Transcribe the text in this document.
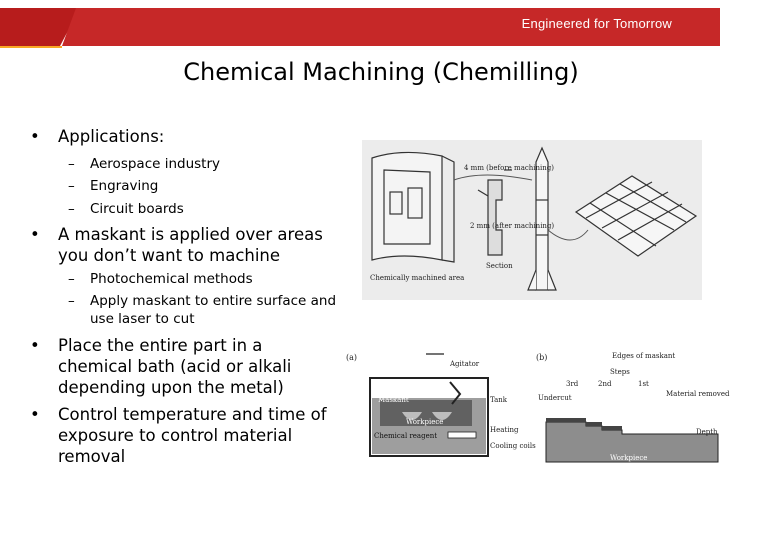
Engineered for Tomorrow
Chemical Machining (Chemilling)
• Applications:
– Aerospace industry
– Engraving
– Circuit boards
• A maskant is applied over areas you don’t want to machine
– Photochemical methods
– Apply maskant to entire surface and use laser to cut
• Place the entire part in a chemical bath (acid or alkali depending upon the metal)
• Control temperature and time of exposure to control material removal
4 mm (before machining)
2 mm (after machining)
Chemically machined area
Section
(a)
Agitator
Maskant	Tank
Workpiece
Chemical reagent
Heating
Cooling coils
(b)	Edges of maskant
Steps
3rd	2nd	1st
Undercut	Material removed
Depth
Workpiece
